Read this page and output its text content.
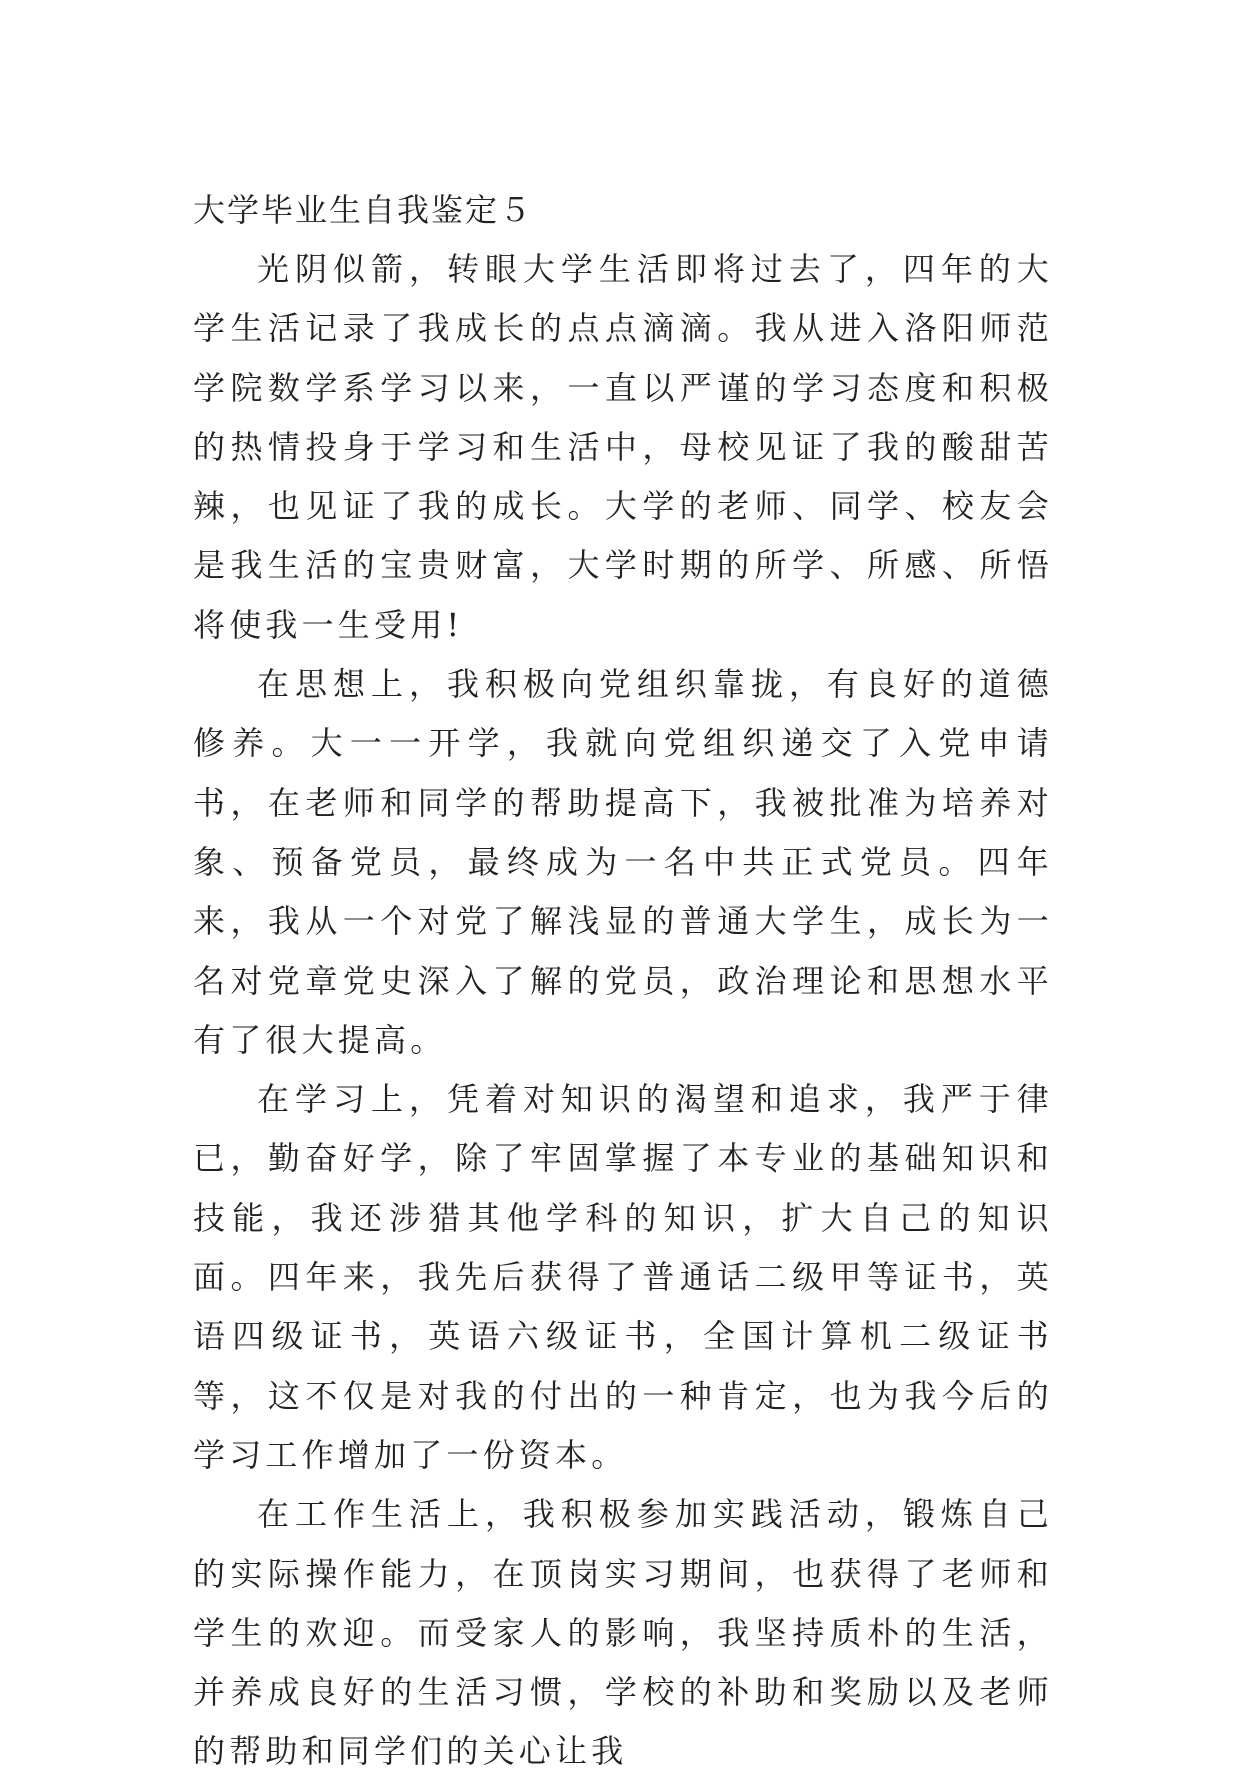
大学毕业生自我鉴定５

光阴似箭，转眼大学生活即将过去了，四年的大学生活记录了我成长的点点滴滴。我从进入洛阳师范学院数学系学习以来，一直以严谨的学习态度和积极的热情投身于学习和生活中，母校见证了我的酸甜苦辣，也见证了我的成长。大学的老师、同学、校友会是我生活的宝贵财富，大学时期的所学、所感、所悟将使我一生受用!

在思想上，我积极向党组织靠拢，有良好的道德修养。大一一开学，我就向党组织递交了入党申请书，在老师和同学的帮助提高下，我被批准为培养对象、预备党员，最终成为一名中共正式党员。四年来，我从一个对党了解浅显的普通大学生，成长为一名对党章党史深入了解的党员，政治理论和思想水平有了很大提高。

在学习上，凭着对知识的渴望和追求，我严于律已，勤奋好学，除了牢固掌握了本专业的基础知识和技能，我还涉猎其他学科的知识，扩大自己的知识面。四年来，我先后获得了普通话二级甲等证书，英语四级证书，英语六级证书，全国计算机二级证书等，这不仅是对我的付出的一种肯定，也为我今后的学习工作增加了一份资本。

在工作生活上，我积极参加实践活动，锻炼自己的实际操作能力，在顶岗实习期间，也获得了老师和学生的欢迎。而受家人的影响，我坚持质朴的生活，并养成良好的生活习惯，学校的补助和奖励以及老师的帮助和同学们的关心让我
